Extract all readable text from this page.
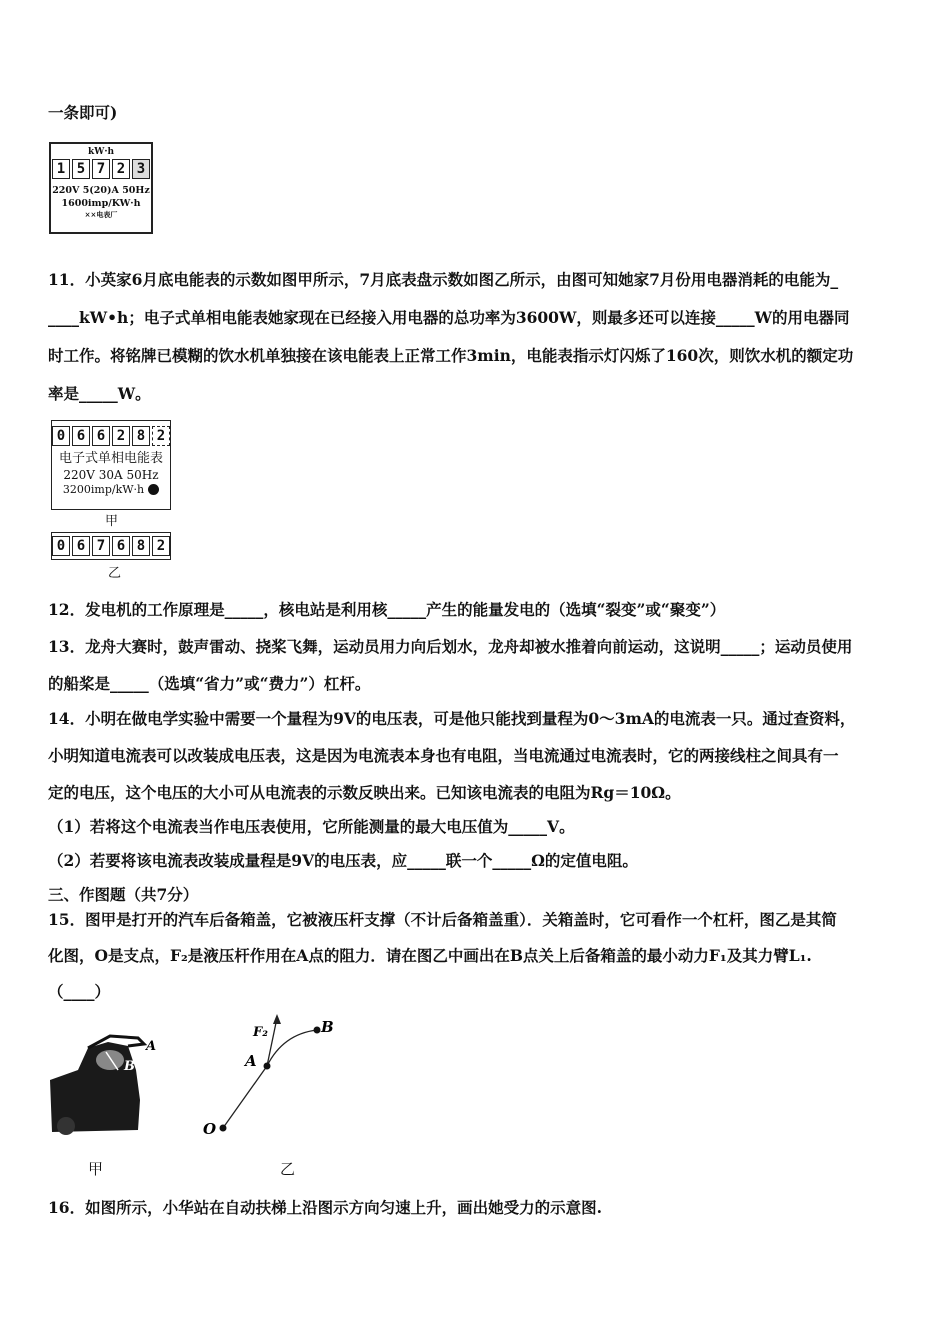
一条即可)
kW·h
1 5 7 2 3
220V 5(20)A 50Hz
1600imp/KW·h
××电表厂
11．小英家6月底电能表的示数如图甲所示，7月底表盘示数如图乙所示，由图可知她家7月份用电器消耗的电能为_
____kW•h；电子式单相电能表她家现在已经接入用电器的总功率为3600W，则最多还可以连接_____W的用电器同
时工作。将铭牌已模糊的饮水机单独接在该电能表上正常工作3min，电能表指示灯闪烁了160次，则饮水机的额定功
率是_____W。
0 6 6 2 8 2
电子式单相电能表
220V 30A 50Hz
3200imp/kW·h
甲
0 6 7 6 8 2
乙
12．发电机的工作原理是_____，核电站是利用核_____产生的能量发电的（选填“裂变”或“聚变”）
13．龙舟大赛时，鼓声雷动、挠桨飞舞，运动员用力向后划水，龙舟却被水推着向前运动，这说明_____；运动员使用
的船桨是_____（选填“省力”或“费力”）杠杆。
14．小明在做电学实验中需要一个量程为9V的电压表，可是他只能找到量程为0～3mA的电流表一只。通过查资料，
小明知道电流表可以改装成电压表，这是因为电流表本身也有电阻，当电流通过电流表时，它的两接线柱之间具有一
定的电压，这个电压的大小可从电流表的示数反映出来。已知该电流表的电阻为Rg＝10Ω。
（1）若将这个电流表当作电压表使用，它所能测量的最大电压值为_____V。
（2）若要将该电流表改装成量程是9V的电压表，应_____联一个_____Ω的定值电阻。
三、作图题（共7分）
15．图甲是打开的汽车后备箱盖，它被液压杆支撑（不计后备箱盖重）．关箱盖时，它可看作一个杠杆，图乙是其简
化图，O是支点，F₂是液压杆作用在A点的阻力．请在图乙中画出在B点关上后备箱盖的最小动力F₁及其力臂L₁.
（____）
A
B
甲
O
A
B
F₂
乙
16．如图所示，小华站在自动扶梯上沿图示方向匀速上升，画出她受力的示意图.
